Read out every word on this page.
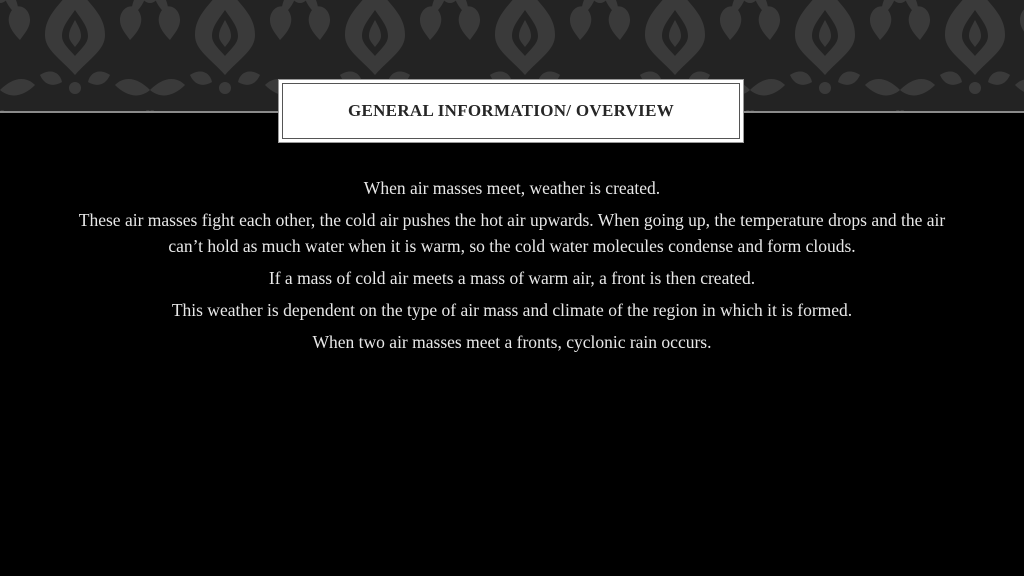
GENERAL INFORMATION/ OVERVIEW

When air masses meet, weather is created.

These air masses fight each other, the cold air pushes the hot air upwards. When going up, the temperature drops and the air can’t hold as much water when it is warm, so the cold water molecules condense and form clouds.

If a mass of cold air meets a mass of warm air, a front is then created.

This weather is dependent on the type of air mass and climate of the region in which it is formed.

When two air masses meet a fronts, cyclonic rain occurs.
